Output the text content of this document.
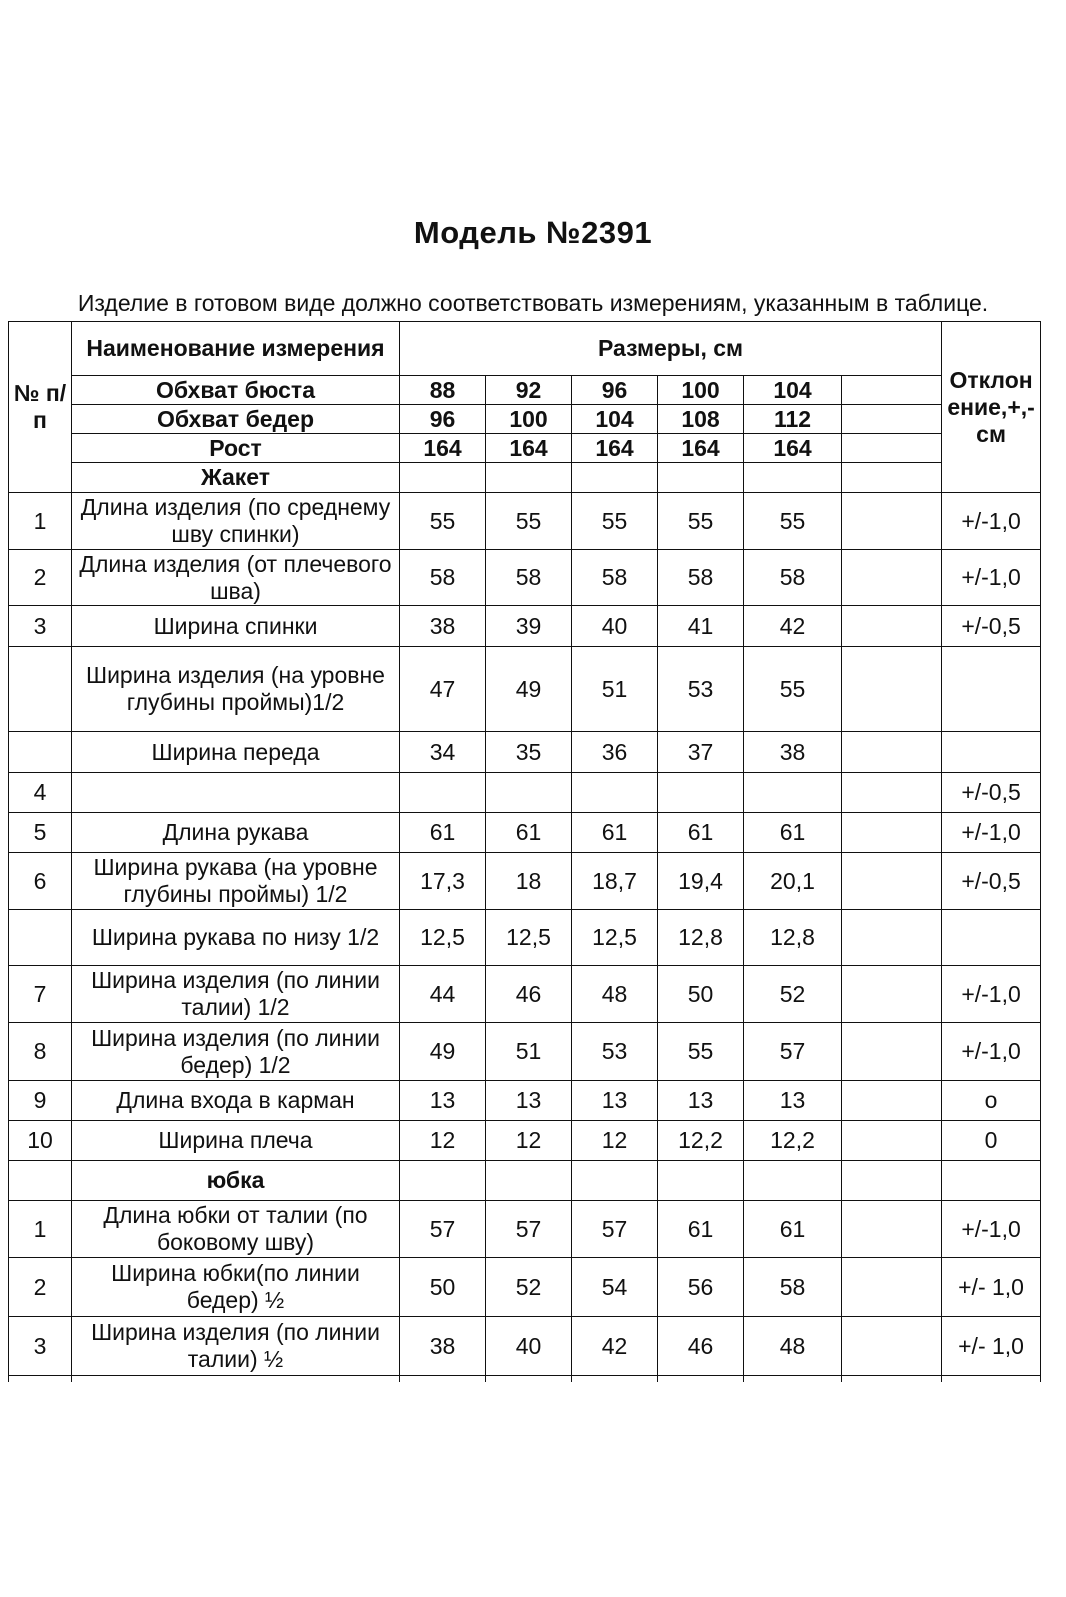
Модель №2391

Изделие в готовом виде должно соответствовать измерениям, указанным в таблице.

№ п/п	Наименование измерения	Размеры, см						Отклон ение,+,- см
	Обхват бюста	88	92	96	100	104		
	Обхват бедер	96	100	104	108	112		
	Рост	164	164	164	164	164		
	Жакет							
1	Длина изделия (по среднему шву спинки)	55	55	55	55	55		+/-1,0
2	Длина изделия (от плечевого шва)	58	58	58	58	58		+/-1,0
3	Ширина спинки	38	39	40	41	42		+/-0,5
	Ширина изделия (на уровне глубины проймы)1/2	47	49	51	53	55		
	Ширина переда	34	35	36	37	38		
4								+/-0,5
5	Длина рукава	61	61	61	61	61		+/-1,0
6	Ширина рукава (на уровне глубины проймы) 1/2	17,3	18	18,7	19,4	20,1		+/-0,5
	Ширина рукава по низу 1/2	12,5	12,5	12,5	12,8	12,8		
7	Ширина изделия (по линии талии) 1/2	44	46	48	50	52		+/-1,0
8	Ширина изделия (по линии бедер) 1/2	49	51	53	55	57		+/-1,0
9	Длина входа в карман	13	13	13	13	13		o
10	Ширина плеча	12	12	12	12,2	12,2		0
	юбка							
1	Длина юбки от талии (по боковому шву)	57	57	57	61	61		+/-1,0
2	Ширина юбки(по линии бедер) ½	50	52	54	56	58		+/- 1,0
3	Ширина изделия (по линии талии) ½	38	40	42	46	48		+/- 1,0
